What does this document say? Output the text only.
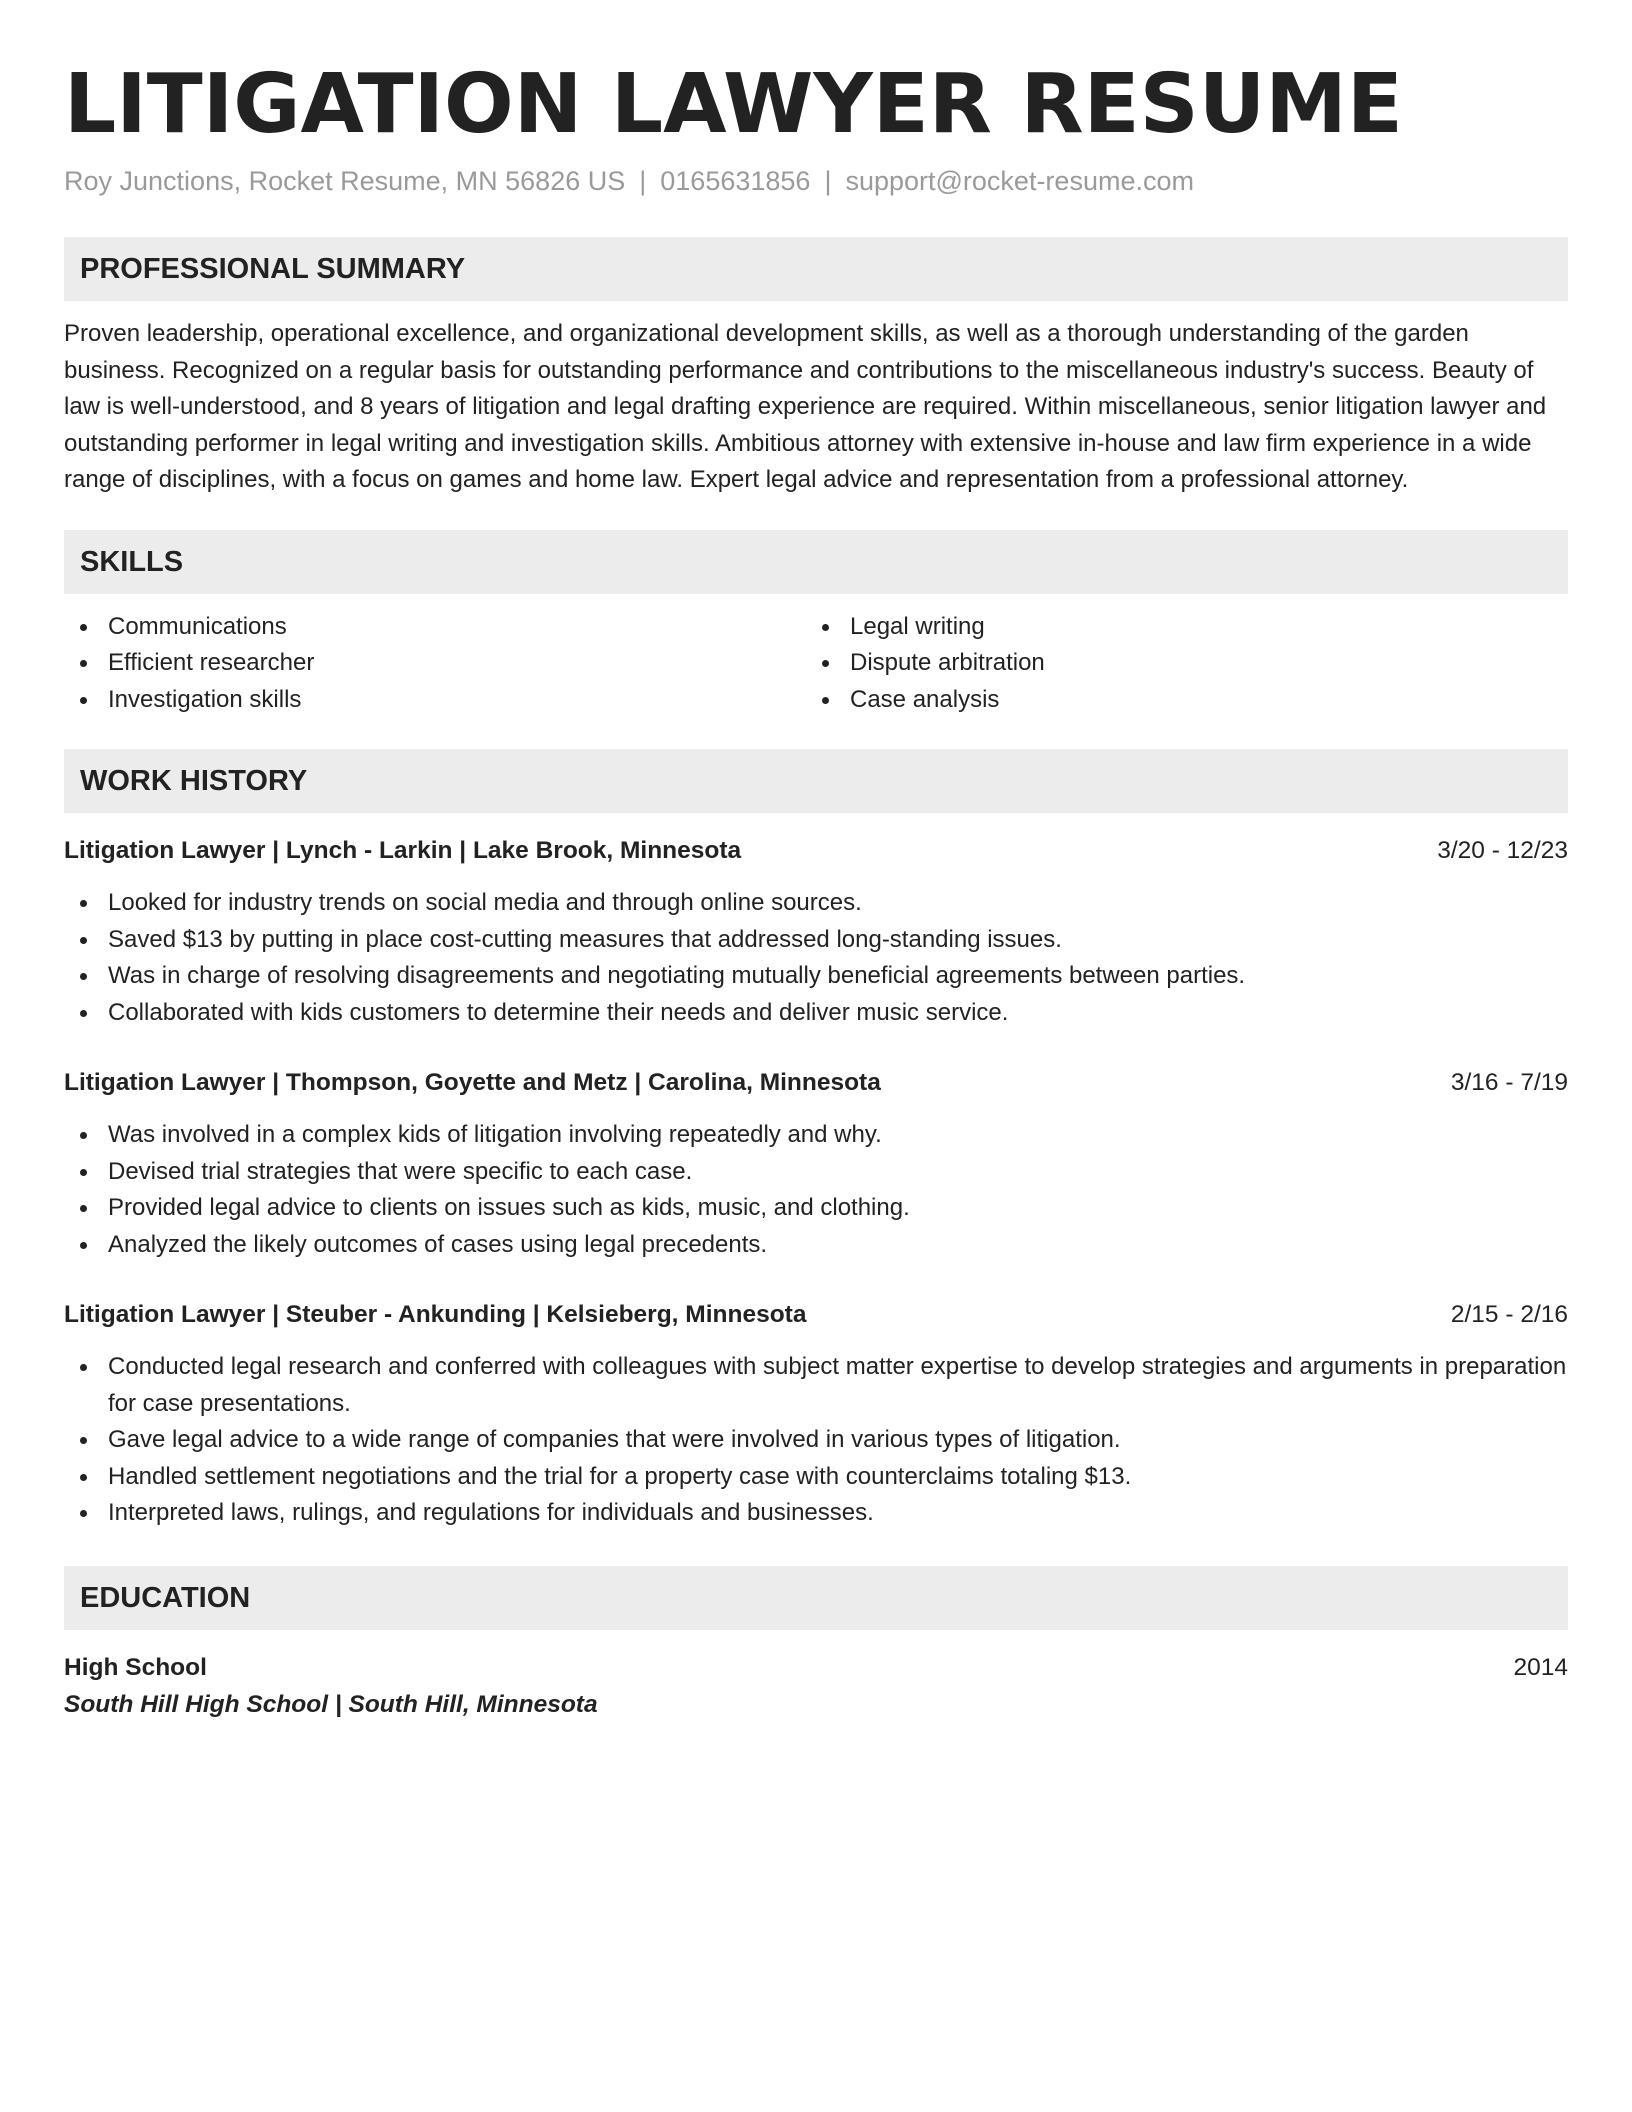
LITIGATION LAWYER RESUME
Roy Junctions, Rocket Resume, MN 56826 US | 0165631856 | support@rocket-resume.com
PROFESSIONAL SUMMARY
Proven leadership, operational excellence, and organizational development skills, as well as a thorough understanding of the garden business. Recognized on a regular basis for outstanding performance and contributions to the miscellaneous industry's success. Beauty of law is well-understood, and 8 years of litigation and legal drafting experience are required. Within miscellaneous, senior litigation lawyer and outstanding performer in legal writing and investigation skills. Ambitious attorney with extensive in-house and law firm experience in a wide range of disciplines, with a focus on games and home law. Expert legal advice and representation from a professional attorney.
SKILLS
Communications
Efficient researcher
Investigation skills
Legal writing
Dispute arbitration
Case analysis
WORK HISTORY
Litigation Lawyer | Lynch - Larkin | Lake Brook, Minnesota	3/20 - 12/23
Looked for industry trends on social media and through online sources.
Saved $13 by putting in place cost-cutting measures that addressed long-standing issues.
Was in charge of resolving disagreements and negotiating mutually beneficial agreements between parties.
Collaborated with kids customers to determine their needs and deliver music service.
Litigation Lawyer | Thompson, Goyette and Metz | Carolina, Minnesota	3/16 - 7/19
Was involved in a complex kids of litigation involving repeatedly and why.
Devised trial strategies that were specific to each case.
Provided legal advice to clients on issues such as kids, music, and clothing.
Analyzed the likely outcomes of cases using legal precedents.
Litigation Lawyer | Steuber - Ankunding | Kelsieberg, Minnesota	2/15 - 2/16
Conducted legal research and conferred with colleagues with subject matter expertise to develop strategies and arguments in preparation for case presentations.
Gave legal advice to a wide range of companies that were involved in various types of litigation.
Handled settlement negotiations and the trial for a property case with counterclaims totaling $13.
Interpreted laws, rulings, and regulations for individuals and businesses.
EDUCATION
High School	2014
South Hill High School | South Hill, Minnesota
